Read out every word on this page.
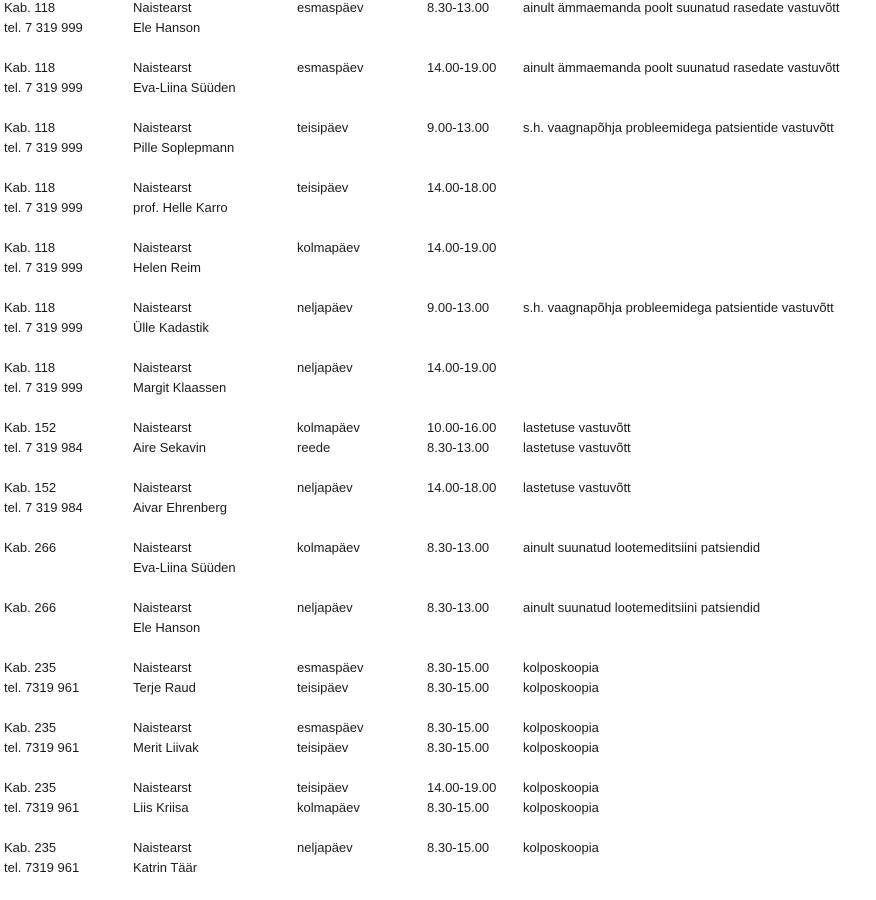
Kab. 118	Naistearst	esmaspäev	8.30-13.00	ainult ämmaemanda poolt suunatud rasedate vastuvõtt
tel. 7 319 999	Ele Hanson
Kab. 118	Naistearst	esmaspäev	14.00-19.00 ainult ämmaemanda poolt suunatud rasedate vastuvõtt
tel. 7 319 999	Eva-Liina Süüden
Kab. 118	Naistearst	teisipäev	9.00-13.00	s.h. vaagnapõhja probleemidega patsientide vastuvõtt
tel. 7 319 999	Pille Soplepmann
Kab. 118	Naistearst	teisipäev	14.00-18.00
tel. 7 319 999	prof. Helle Karro
Kab. 118	Naistearst	kolmapäev	14.00-19.00
tel. 7 319 999	Helen Reim
Kab. 118	Naistearst	neljapäev	9.00-13.00	s.h. vaagnapõhja probleemidega patsientide vastuvõtt
tel. 7 319 999	Ülle Kadastik
Kab. 118	Naistearst	neljapäev	14.00-19.00
tel. 7 319 999	Margit Klaassen
Kab. 152	Naistearst	kolmapäev	10.00-16.00 lastetuse vastuvõtt
tel. 7 319 984	Aire Sekavin	reede	8.30-13.00	lastetuse vastuvõtt
Kab. 152	Naistearst	neljapäev	14.00-18.00 lastetuse vastuvõtt
tel. 7 319 984	Aivar Ehrenberg
Kab. 266	Naistearst	kolmapäev	8.30-13.00	ainult suunatud lootemeditsiini patsiendid
Eva-Liina Süüden
Kab. 266	Naistearst	neljapäev	8.30-13.00	ainult suunatud lootemeditsiini patsiendid
Ele Hanson
Kab. 235	Naistearst	esmaspäev	8.30-15.00	kolposkoopia
tel. 7319 961	Terje Raud	teisipäev	8.30-15.00	kolposkoopia
Kab. 235	Naistearst	esmaspäev	8.30-15.00	kolposkoopia
tel. 7319 961	Merit Liivak	teisipäev	8.30-15.00	kolposkoopia
Kab. 235	Naistearst	teisipäev	14.00-19.00 kolposkoopia
tel. 7319 961	Liis Kriisa	kolmapäev	8.30-15.00	kolposkoopia
Kab. 235	Naistearst	neljapäev	8.30-15.00	kolposkoopia
tel. 7319 961	Katrin Täär
